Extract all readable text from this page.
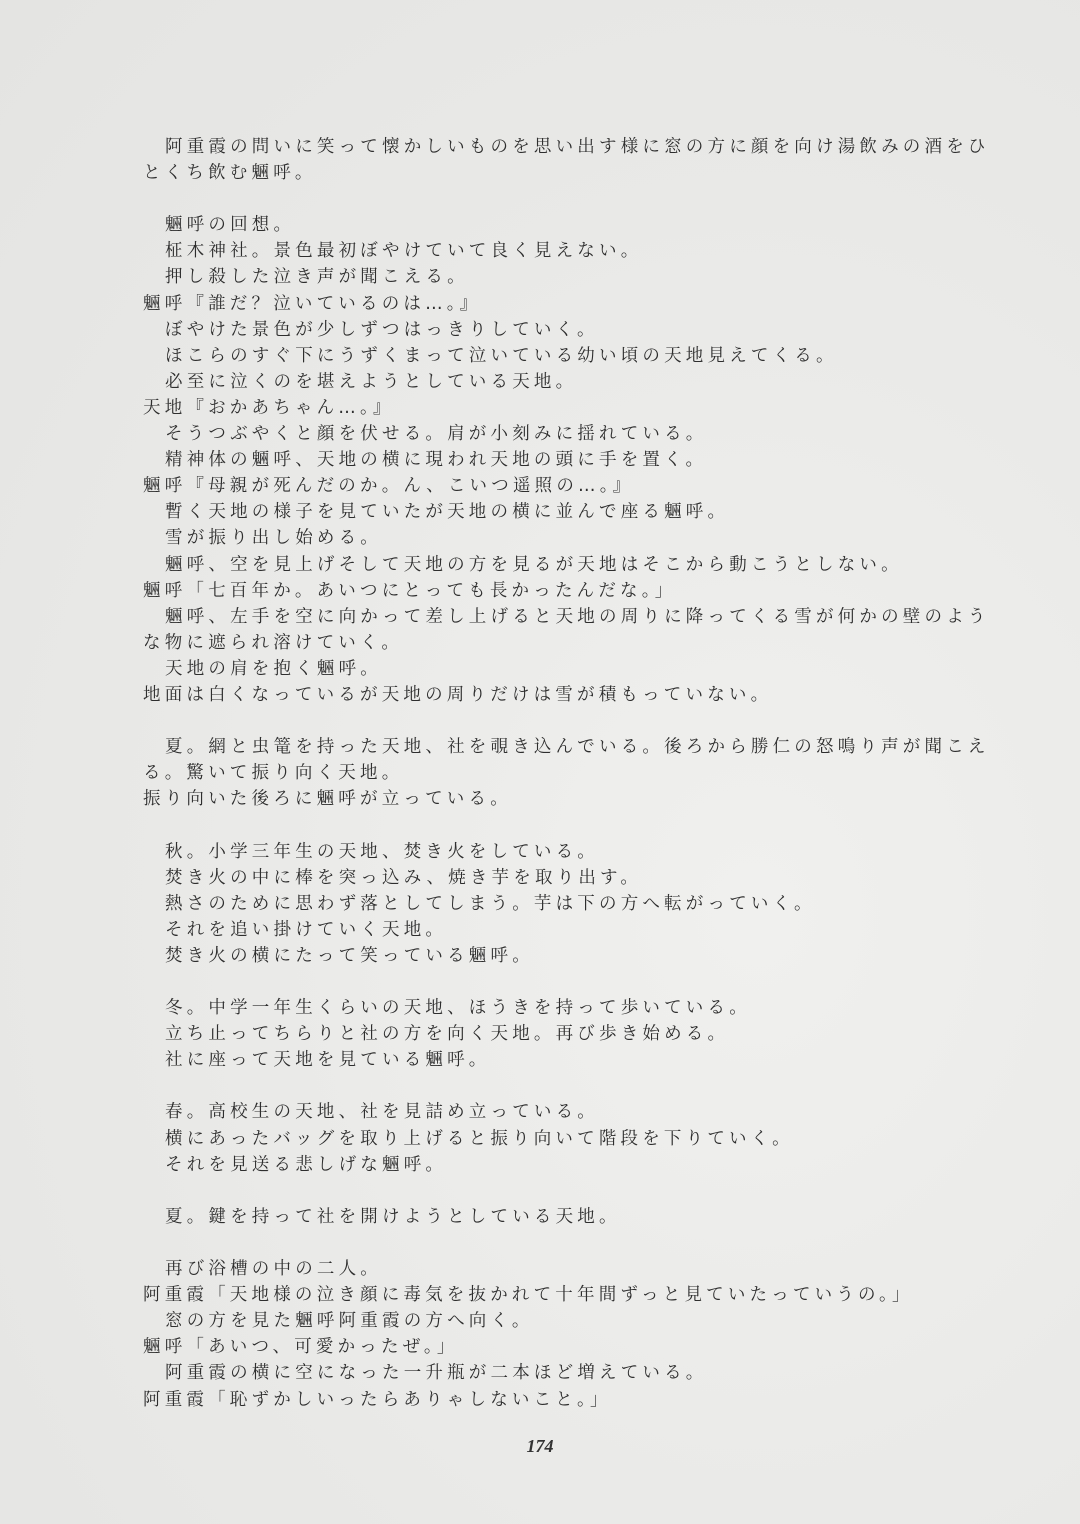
阿重霞の問いに笑って懐かしいものを思い出す様に窓の方に顔を向け湯飲みの酒をひ
とくち飲む魎呼。
魎呼の回想。
柾木神社。景色最初ぼやけていて良く見えない。
押し殺した泣き声が聞こえる。
魎呼『誰だ？泣いているのは…。』
ぼやけた景色が少しずつはっきりしていく。
ほこらのすぐ下にうずくまって泣いている幼い頃の天地見えてくる。
必至に泣くのを堪えようとしている天地。
天地『おかあちゃん…。』
そうつぶやくと顔を伏せる。肩が小刻みに揺れている。
精神体の魎呼、天地の横に現われ天地の頭に手を置く。
魎呼『母親が死んだのか。ん、こいつ遥照の…。』
暫く天地の様子を見ていたが天地の横に並んで座る魎呼。
雪が振り出し始める。
魎呼、空を見上げそして天地の方を見るが天地はそこから動こうとしない。
魎呼「七百年か。あいつにとっても長かったんだな。」
魎呼、左手を空に向かって差し上げると天地の周りに降ってくる雪が何かの壁のよう
な物に遮られ溶けていく。
天地の肩を抱く魎呼。
地面は白くなっているが天地の周りだけは雪が積もっていない。
夏。網と虫篭を持った天地、社を覗き込んでいる。後ろから勝仁の怒鳴り声が聞こえ
る。驚いて振り向く天地。
振り向いた後ろに魎呼が立っている。
秋。小学三年生の天地、焚き火をしている。
焚き火の中に棒を突っ込み、焼き芋を取り出す。
熱さのために思わず落としてしまう。芋は下の方へ転がっていく。
それを追い掛けていく天地。
焚き火の横にたって笑っている魎呼。
冬。中学一年生くらいの天地、ほうきを持って歩いている。
立ち止ってちらりと社の方を向く天地。再び歩き始める。
社に座って天地を見ている魎呼。
春。高校生の天地、社を見詰め立っている。
横にあったバッグを取り上げると振り向いて階段を下りていく。
それを見送る悲しげな魎呼。
夏。鍵を持って社を開けようとしている天地。
再び浴槽の中の二人。
阿重霞「天地様の泣き顔に毒気を抜かれて十年間ずっと見ていたっていうの。」
窓の方を見た魎呼阿重霞の方へ向く。
魎呼「あいつ、可愛かったぜ。」
阿重霞の横に空になった一升瓶が二本ほど増えている。
阿重霞「恥ずかしいったらありゃしないこと。」
174
